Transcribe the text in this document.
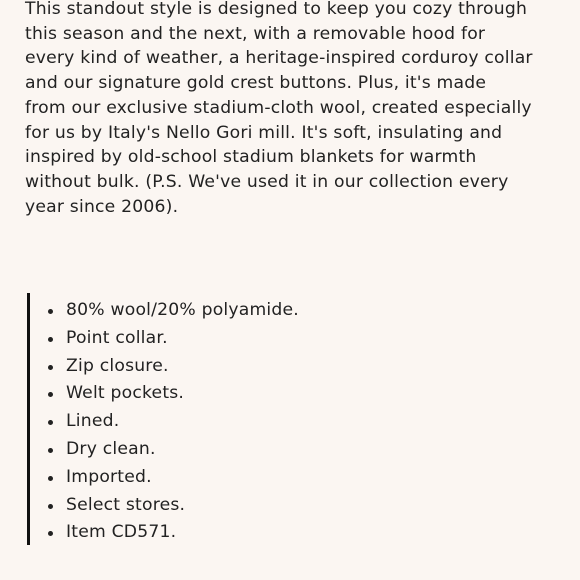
This standout style is designed to keep you cozy through
this season and the next, with a removable hood for
every kind of weather, a heritage-inspired corduroy collar
and our signature gold crest buttons. Plus, it's made
from our exclusive stadium-cloth wool, created especially
for us by Italy's Nello Gori mill. It's soft, insulating and
inspired by old-school stadium blankets for warmth
without bulk. (P.S. We've used it in our collection every
year since 2006).

80% wool/20% polyamide.
Point collar.
Zip closure.
Welt pockets.
Lined.
Dry clean.
Imported.
Select stores.
Item CD571.
